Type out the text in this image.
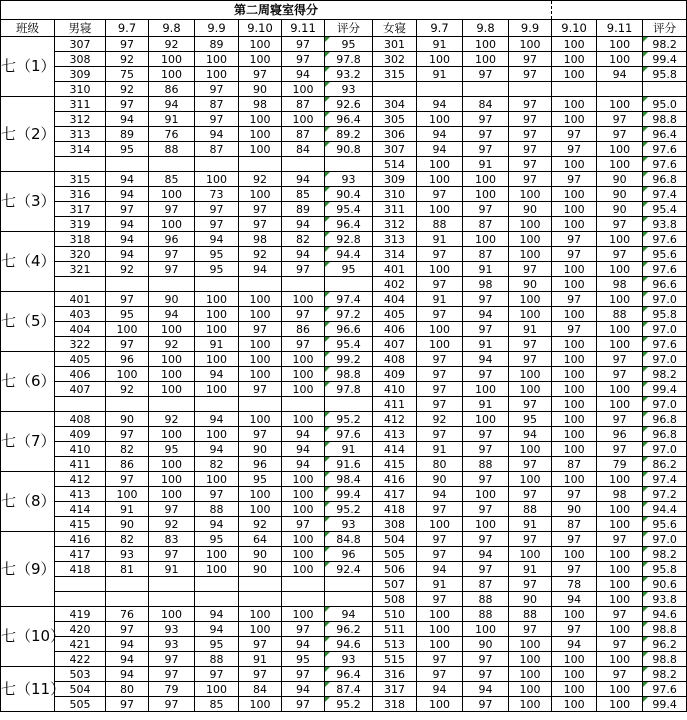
第二周寝室得分														
班级	男寝	9.7	9.8	9.9	9.10	9.11	评分	女寝	9.7	9.8	9.9	9.10	9.11	评分
七（1）	307	97	92	89	100	97	95	301	91	100	100	100	100	98.2
	308	92	100	100	100	97	97.8	302	100	100	97	100	100	99.4
	309	75	100	100	97	94	93.2	315	91	97	97	100	94	95.8
	310	92	86	97	90	100	93							
七（2）	311	97	94	87	98	87	92.6	304	94	84	97	100	100	95.0
	312	94	91	97	100	100	96.4	305	100	97	97	100	97	98.8
	313	89	76	94	100	87	89.2	306	94	97	97	97	97	96.4
	314	95	88	87	100	84	90.8	307	94	97	97	97	100	97.6
								514	100	91	97	100	100	97.6
七（3）	315	94	85	100	92	94	93	309	100	100	97	97	90	96.8
	316	94	100	73	100	85	90.4	310	97	100	100	100	90	97.4
	317	97	97	97	97	89	95.4	311	100	97	90	100	90	95.4
	319	94	100	97	97	94	96.4	312	88	87	100	100	97	93.8
七（4）	318	94	96	94	98	82	92.8	313	91	100	100	97	100	97.6
	320	94	97	95	92	94	94.4	314	97	87	100	97	97	95.6
	321	92	97	95	94	97	95	401	100	91	97	100	100	97.6
								402	97	98	90	100	98	96.6
七（5）	401	97	90	100	100	100	97.4	404	91	97	100	97	100	97.0
	403	95	94	100	100	97	97.2	405	97	94	100	100	88	95.8
	404	100	100	100	97	86	96.6	406	100	97	91	97	100	97.0
	322	97	92	91	100	97	95.4	407	100	91	97	100	100	97.6
七（6）	405	96	100	100	100	100	99.2	408	97	94	97	100	97	97.0
	406	100	100	94	100	100	98.8	409	97	97	100	100	97	98.2
	407	92	100	100	97	100	97.8	410	97	100	100	100	100	99.4
								411	97	91	97	100	100	97.0
七（7）	408	90	92	94	100	100	95.2	412	92	100	95	100	97	96.8
	409	97	100	100	97	94	97.6	413	97	97	94	100	96	96.8
	410	82	95	94	90	94	91	414	91	97	100	100	97	97.0
	411	86	100	82	96	94	91.6	415	80	88	97	87	79	86.2
七（8）	412	97	100	100	95	100	98.4	416	90	97	100	100	100	97.4
	413	100	100	97	100	100	99.4	417	94	100	97	97	98	97.2
	414	91	97	88	100	100	95.2	418	97	97	88	90	100	94.4
	415	90	92	94	92	97	93	308	100	100	91	87	100	95.6
七（9）	416	82	83	95	64	100	84.8	504	97	97	97	97	97	97.0
	417	93	97	100	90	100	96	505	97	94	100	100	100	98.2
	418	81	91	100	90	100	92.4	506	94	97	91	97	100	95.8
								507	91	87	97	78	100	90.6
								508	97	88	90	94	100	93.8
七（10）	419	76	100	94	100	100	94	510	100	88	88	100	97	94.6
	420	97	93	94	100	97	96.2	511	100	100	97	97	100	98.8
	421	94	93	95	97	94	94.6	513	100	90	100	94	97	96.2
	422	94	97	88	91	95	93	515	97	97	100	100	100	98.8
七（11）	503	94	97	97	97	97	96.4	316	97	97	100	100	97	98.2
	504	80	79	100	84	94	87.4	317	94	94	100	100	100	97.6
	505	97	97	85	100	97	95.2	318	100	97	100	100	100	99.4
